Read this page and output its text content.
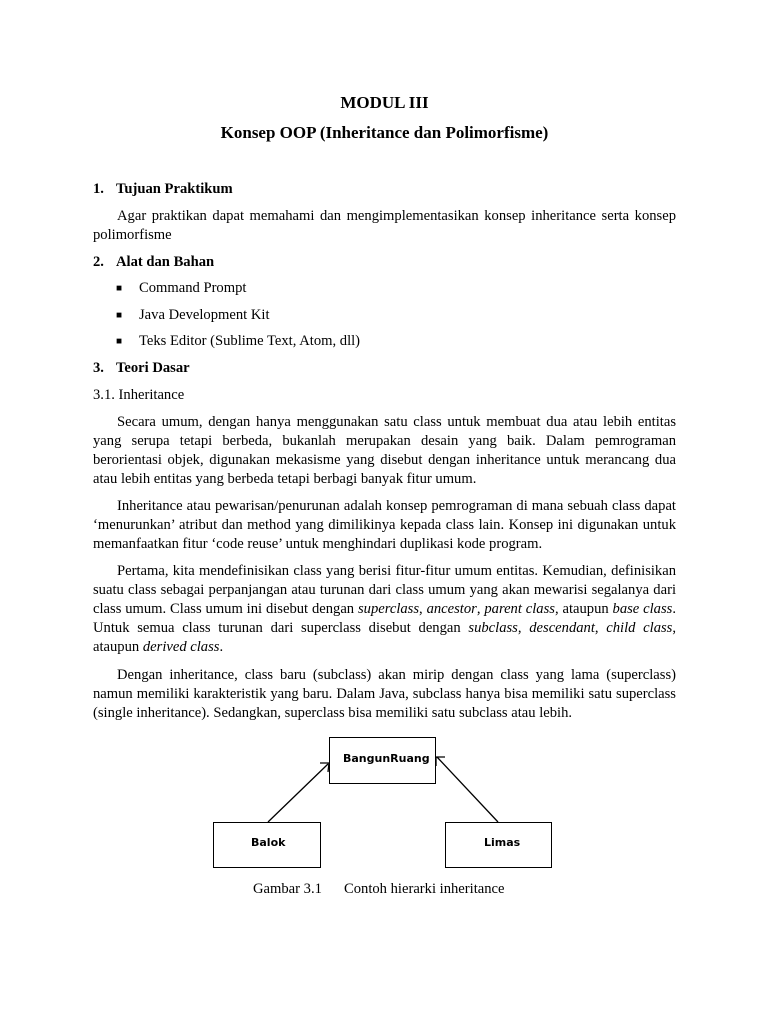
MODUL III

Konsep OOP (Inheritance dan Polimorfisme)

1. Tujuan Praktikum

Agar praktikan dapat memahami dan mengimplementasikan konsep inheritance serta konsep polimorfisme

2. Alat dan Bahan
■ Command Prompt
■ Java Development Kit
■ Teks Editor (Sublime Text, Atom, dll)
3. Teori Dasar
3.1. Inheritance

Secara umum, dengan hanya menggunakan satu class untuk membuat dua atau lebih entitas yang serupa tetapi berbeda, bukanlah merupakan desain yang baik. Dalam pemrograman berorientasi objek, digunakan mekasisme yang disebut dengan inheritance untuk merancang dua atau lebih entitas yang berbeda tetapi berbagi banyak fitur umum.

Inheritance atau pewarisan/penurunan adalah konsep pemrograman di mana sebuah class dapat ‘menurunkan’ atribut dan method yang dimilikinya kepada class lain. Konsep ini digunakan untuk memanfaatkan fitur ‘code reuse’ untuk menghindari duplikasi kode program.

Pertama, kita mendefinisikan class yang berisi fitur-fitur umum entitas. Kemudian, definisikan suatu class sebagai perpanjangan atau turunan dari class umum yang akan mewarisi segalanya dari class umum. Class umum ini disebut dengan superclass, ancestor, parent class, ataupun base class. Untuk semua class turunan dari superclass disebut dengan subclass, descendant, child class, ataupun derived class.

Dengan inheritance, class baru (subclass) akan mirip dengan class yang lama (superclass) namun memiliki karakteristik yang baru. Dalam Java, subclass hanya bisa memiliki satu superclass (single inheritance). Sedangkan, superclass bisa memiliki satu subclass atau lebih.

BangunRuang
Balok	Limas
Gambar 3.1 Contoh hierarki inheritance
